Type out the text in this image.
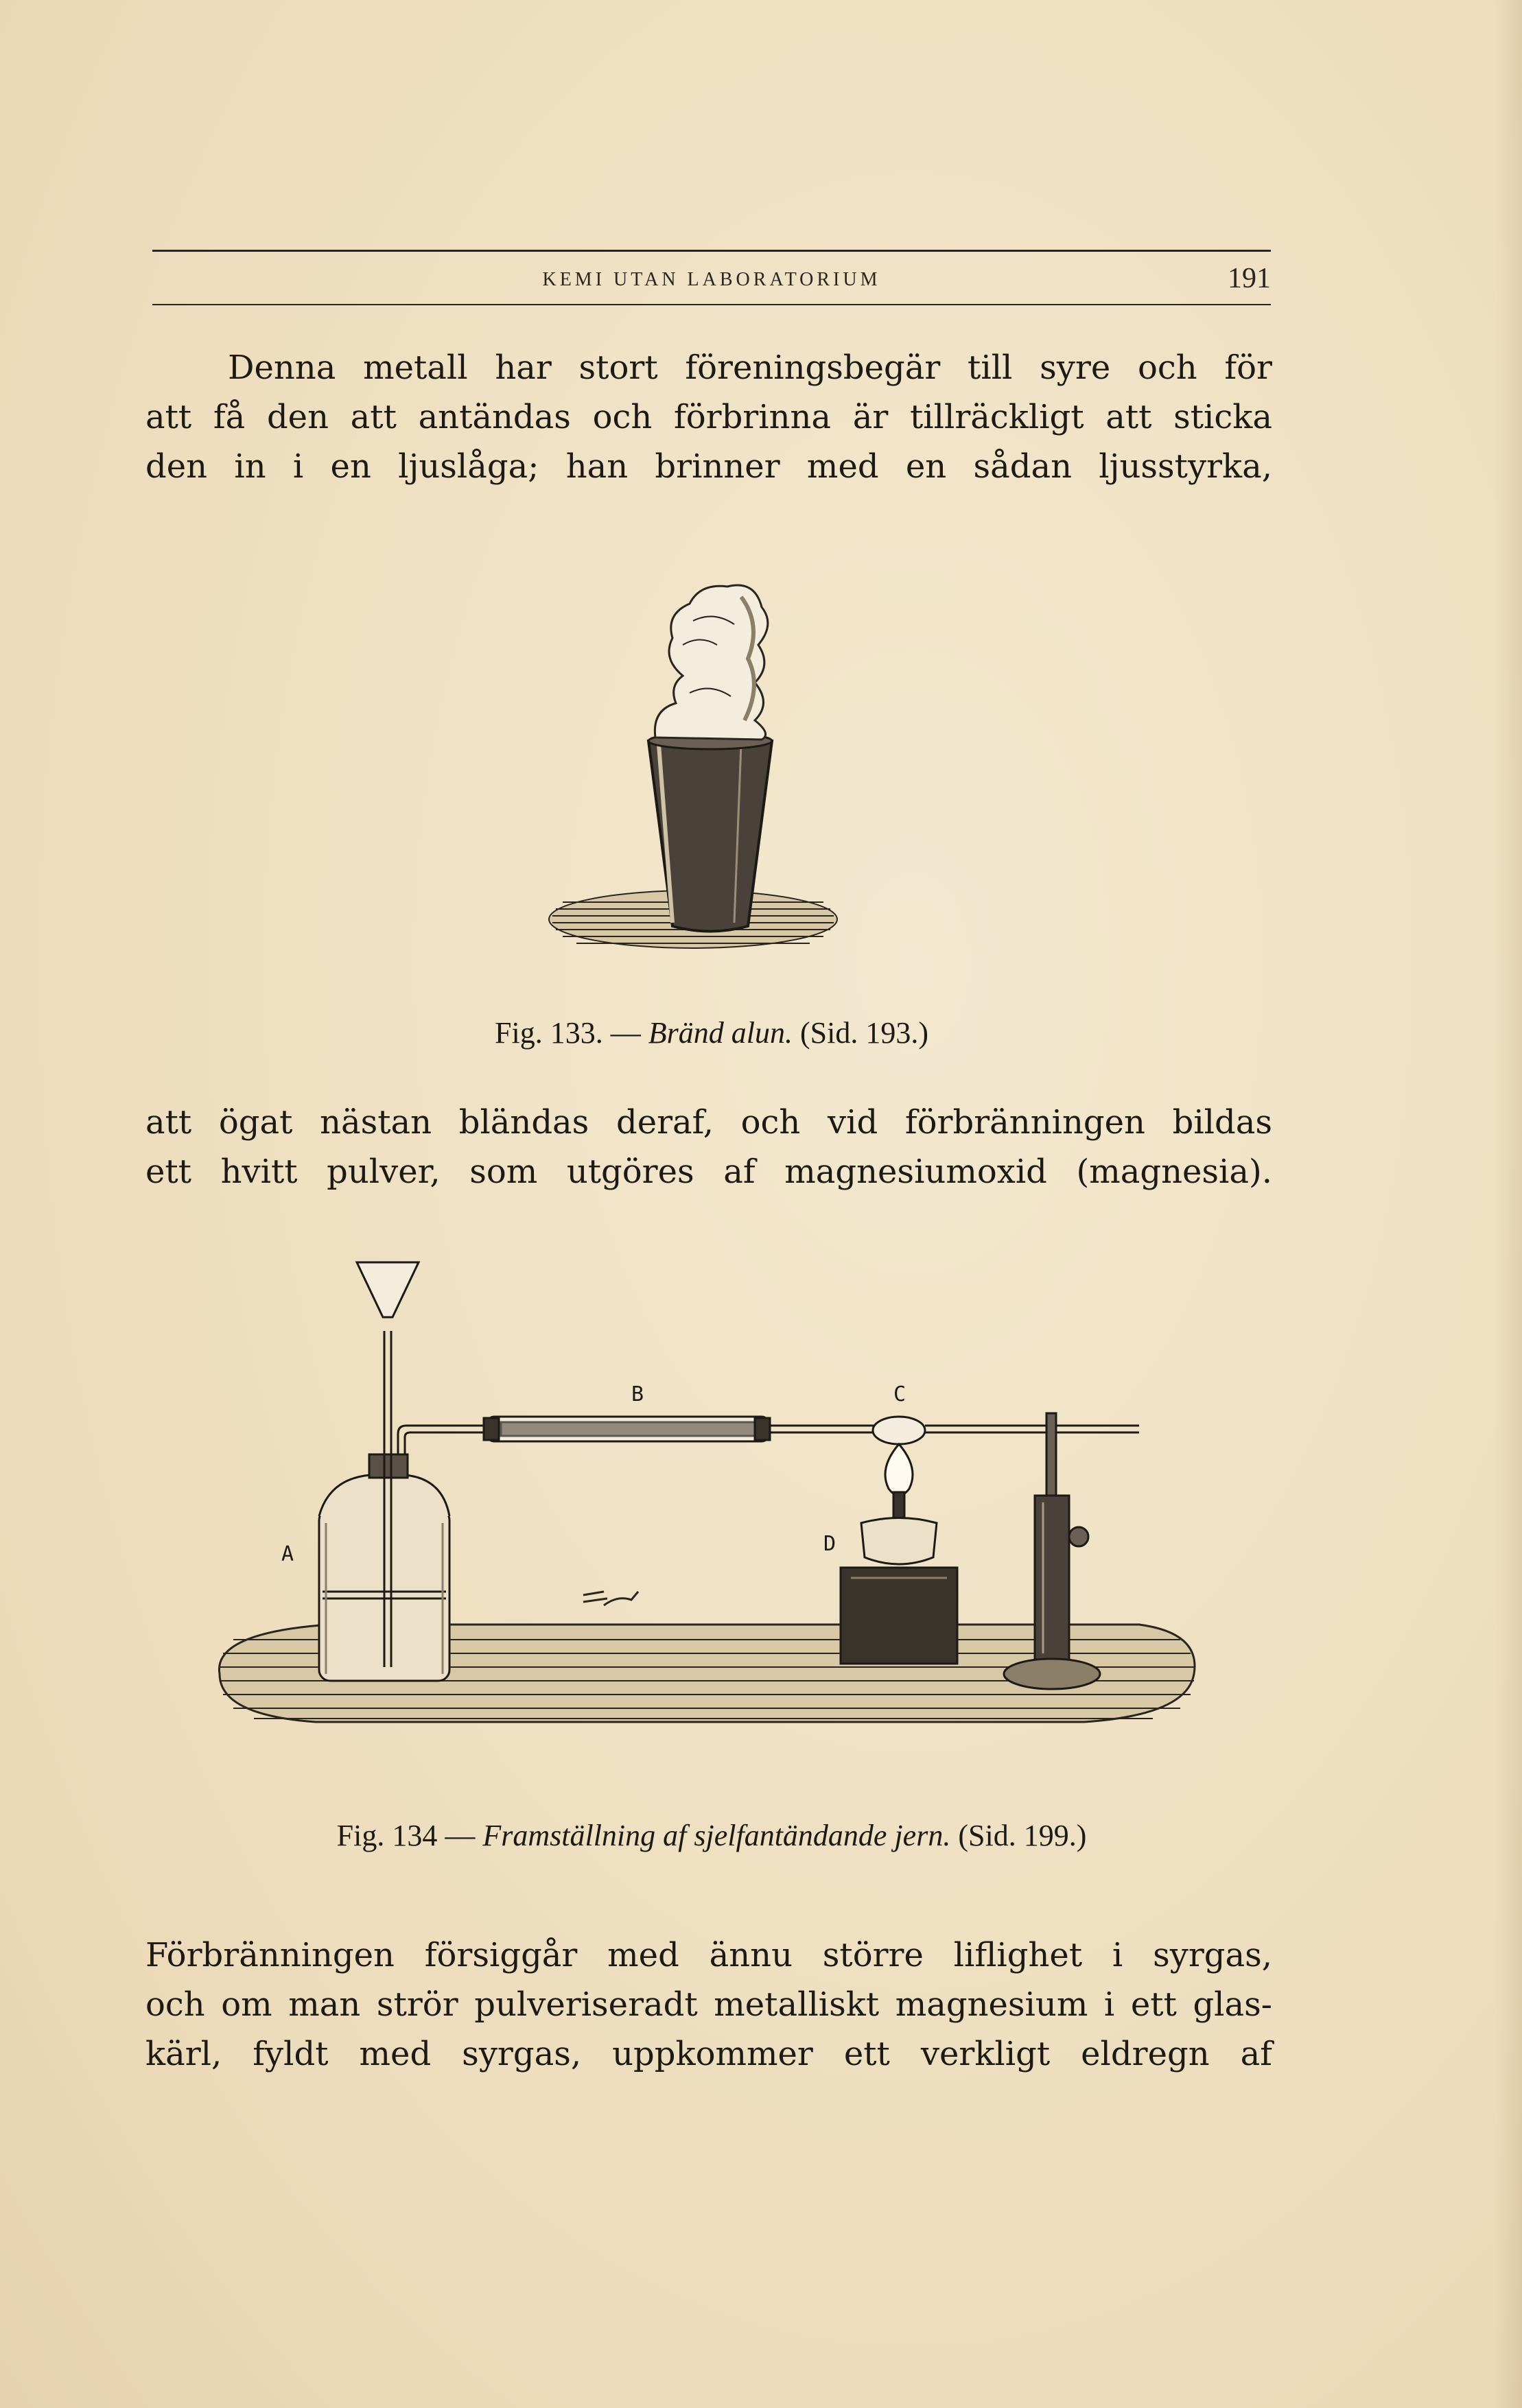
KEMI UTAN LABORATORIUM	191
Denna metall har stort föreningsbegär till syre och för
att få den att antändas och förbrinna är tillräckligt att sticka
den in i en ljuslåga; han brinner med en sådan ljusstyrka,
Fig. 133. — Bränd alun. (Sid. 193.)
att ögat nästan bländas deraf, och vid förbränningen bildas
ett hvitt pulver, som utgöres af magnesiumoxid (magnesia).
A
B	C
D
Fig. 134 — Framställning af sjelfantändande jern. (Sid. 199.)
Förbränningen försiggår med ännu större liflighet i syrgas,
och om man strör pulveriseradt metalliskt magnesium i ett glas-
kärl, fyldt med syrgas, uppkommer ett verkligt eldregn af
